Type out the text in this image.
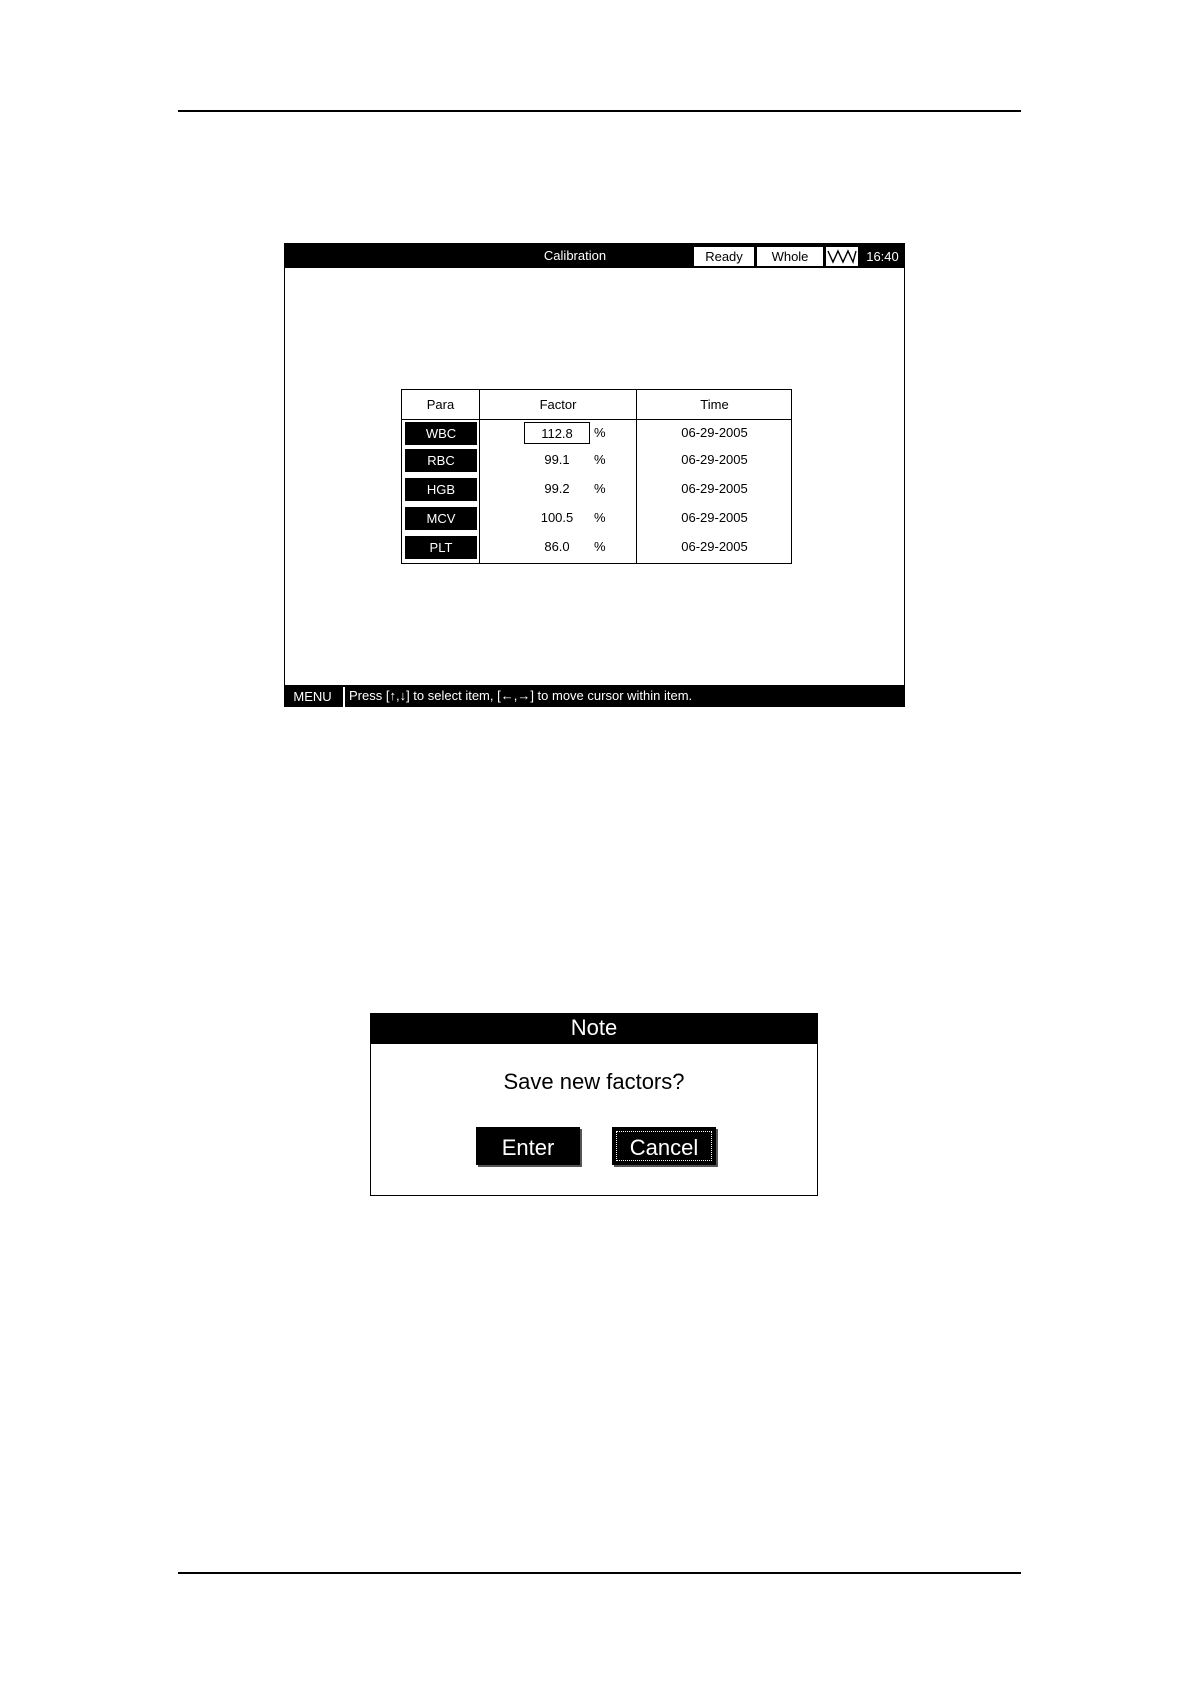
Calibration	Ready	Whole	16:40
Para	Factor	Time
WBC	112.8	%	06-29-2005
RBC	99.1	%	06-29-2005
HGB	99.2	%	06-29-2005
MCV	100.5	%	06-29-2005
PLT	86.0	%	06-29-2005
MENU	Press [↑,↓] to select item, [←,→] to move cursor within item.
Note
Save new factors?
Enter	Cancel
